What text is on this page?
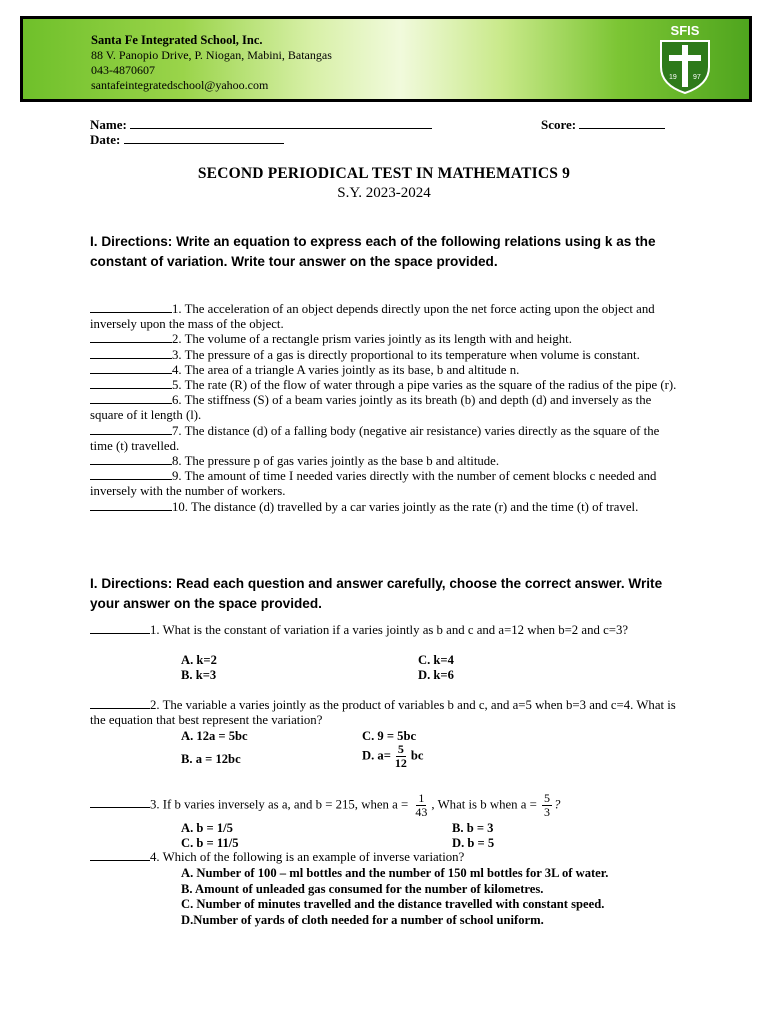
Santa Fe Integrated School, Inc.
88 V. Panopio Drive, P. Niogan, Mabini, Batangas
043-4870607
santafeintegratedschool@yahoo.com
SFIS
19 97
Name:	Score:
Date:
SECOND PERIODICAL TEST IN MATHEMATICS 9
S.Y. 2023-2024
I. Directions: Write an equation to express each of the following relations using k as the constant of variation. Write tour answer on the space provided.

1. The acceleration of an object depends directly upon the net force acting upon the object and inversely upon the mass of the object.

2. The volume of a rectangle prism varies jointly as its length with and height.

3. The pressure of a gas is directly proportional to its temperature when volume is constant.

4. The area of a triangle A varies jointly as its base, b and altitude n.

5. The rate (R) of the flow of water through a pipe varies as the square of the radius of the pipe (r).

6. The stiffness (S) of a beam varies jointly as its breath (b) and depth (d) and inversely as the square of it length (l).

7. The distance (d) of a falling body (negative air resistance) varies directly as the square of the time (t) travelled.

8. The pressure p of gas varies jointly as the base b and altitude.

9. The amount of time I needed varies directly with the number of cement blocks c needed and inversely with the number of workers.

10. The distance (d) travelled by a car varies jointly as the rate (r) and the time (t) of travel.

I. Directions: Read each question and answer carefully, choose the correct answer. Write your answer on the space provided.
1. What is the constant of variation if a varies jointly as b and c and a=12 when b=2 and c=3?
A. k=2
B. k=3
C. k=4
D. k=6
2. The variable a varies jointly as the product of variables b and c, and a=5 when b=3 and c=4. What is the equation that best represent the variation?
A. 12a = 5bc
B. a = 12bc
C. 9 = 5bc
D. $a= \frac{5}{12}$ bc
3. If b varies inversely as a, and b = 215, when $a = \frac{1}{43}$ , What is b when $a = \frac{5}{3}$ ?
A. b = 1/5
C. b = 11/5
B. b = 3
D. b = 5
4. Which of the following is an example of inverse variation?

A. Number of 100 – ml bottles and the number of 150 ml bottles for 3L of water.

B. Amount of unleaded gas consumed for the number of kilometres.

C. Number of minutes travelled and the distance travelled with constant speed.

D.Number of yards of cloth needed for a number of school uniform.
